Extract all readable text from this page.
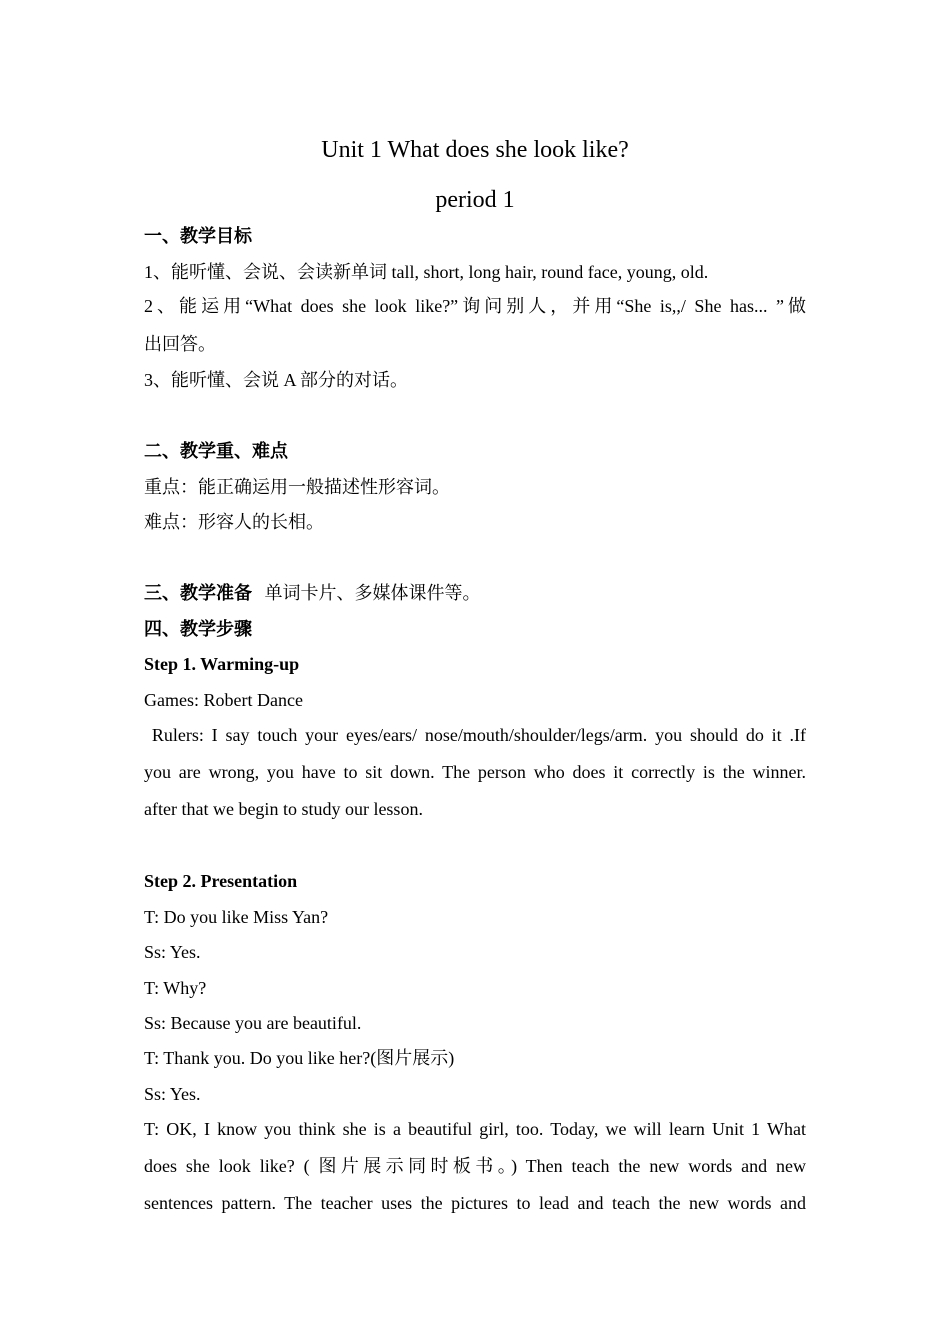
Unit 1 What does she look like?
period 1
一、教学目标
1、能听懂、会说、会读新单词 tall, short, long hair, round face, young, old.
2、能运用“What does she look like?”询问别人，并用“She is,,/ She has... ”做
出回答。
3、能听懂、会说 A 部分的对话。
二、教学重、难点
重点：能正确运用一般描述性形容词。
难点：形容人的长相。
三、教学准备 单词卡片、多媒体课件等。
四、教学步骤
Step 1. Warming-up
Games: Robert Dance
Rulers: I say touch your eyes/ears/ nose/mouth/shoulder/legs/arm. you should do it .If
you are wrong, you have to sit down. The person who does it correctly is the winner.
after that we begin to study our lesson.
Step 2. Presentation
T: Do you like Miss Yan?
Ss: Yes.
T: Why?
Ss: Because you are beautiful.
T: Thank you. Do you like her?(图片展示)
Ss: Yes.
T: OK, I know you think she is a beautiful girl, too. Today, we will learn Unit 1 What
does she look like? ( 图片展示同时板书。) Then teach the new words and new
sentences pattern. The teacher uses the pictures to lead and teach the new words and
